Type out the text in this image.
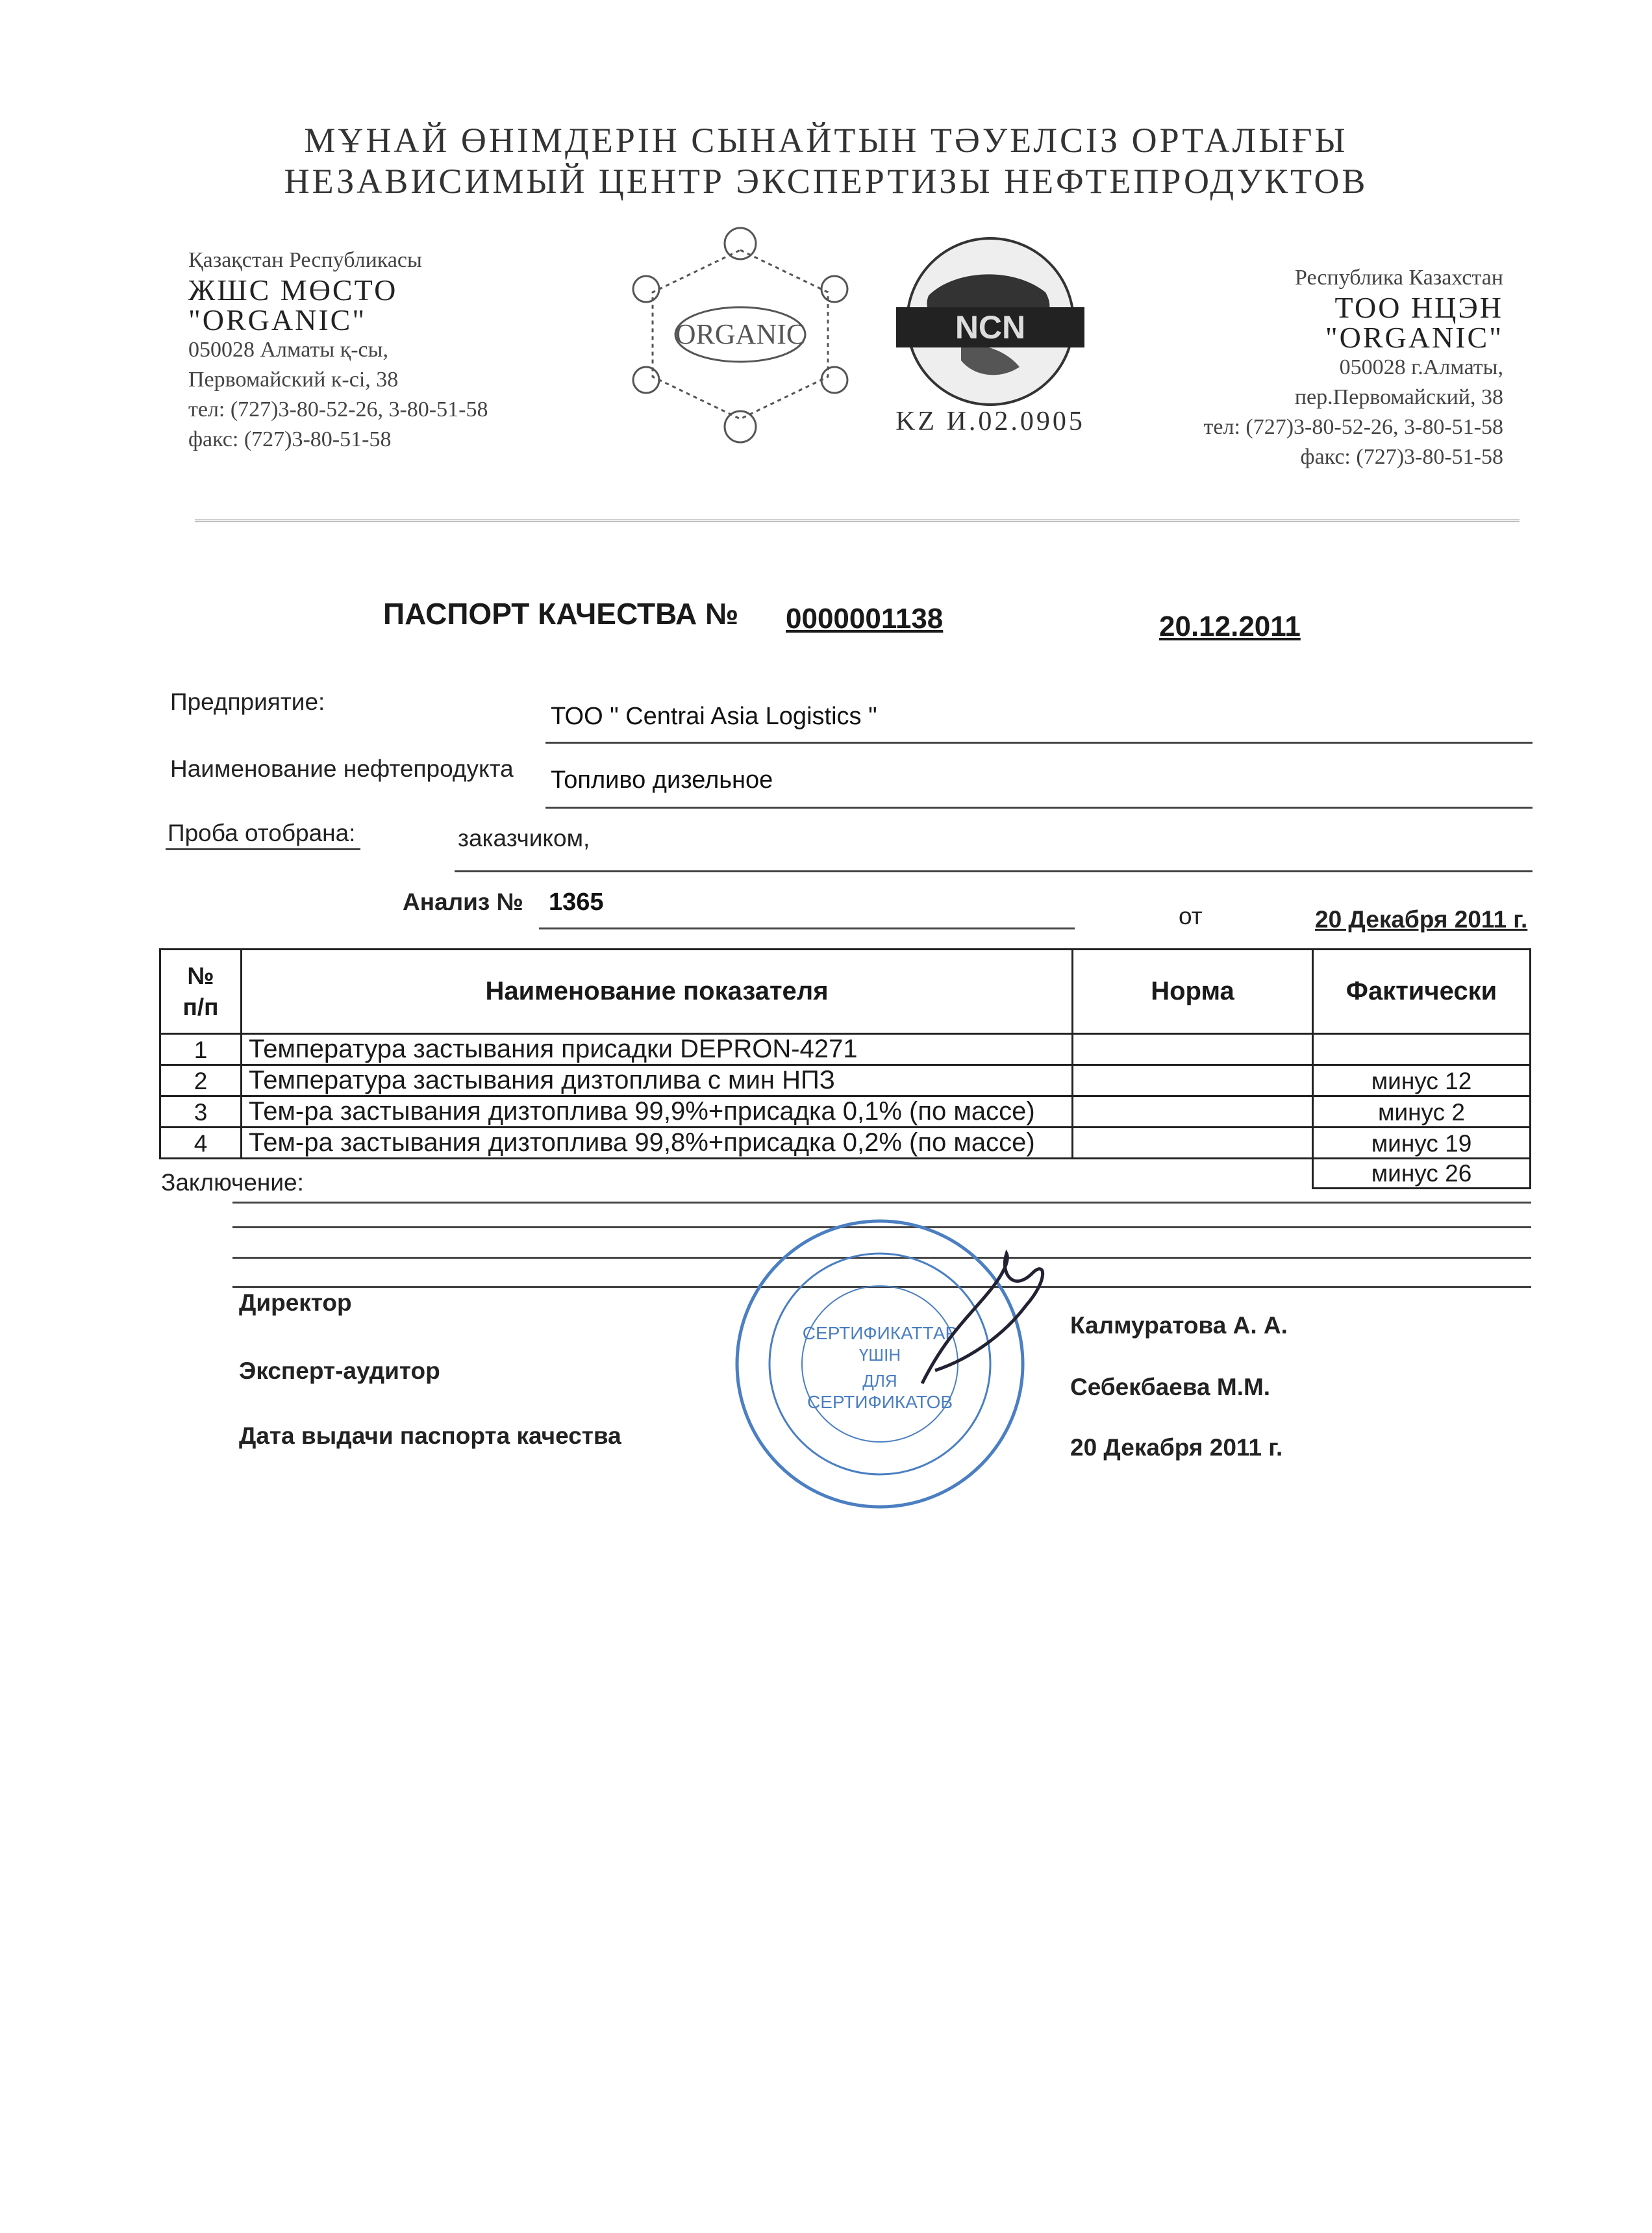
МҰНАЙ ӨНІМДЕРІН СЫНАЙТЫН ТӘУЕЛСІЗ ОРТАЛЫҒЫ
НЕЗАВИСИМЫЙ ЦЕНТР ЭКСПЕРТИЗЫ НЕФТЕПРОДУКТОВ
Қазақстан Республикасы
ЖШС МӨСТО
"ORGANIC"
050028 Алматы қ-сы,
Первомайский к-сі, 38
тел: (727)3-80-52-26, 3-80-51-58
факс: (727)3-80-51-58
ORGANIC	NCN
KZ И.02.0905
Республика Казахстан
ТОО НЦЭН
"ORGANIC"
050028 г.Алматы,
пер.Первомайский, 38
тел: (727)3-80-52-26, 3-80-51-58
факс: (727)3-80-51-58
ПАСПОРТ КАЧЕСТВА № 0000001138	20.12.2011
Предприятие:
ТОО " Centrai Asia Logistics "
Наименование нефтепродукта	Топливо дизельное
Проба отобрана:	заказчиком,
Анализ № 1365
от	20 Декабря 2011 г.
№
п/п	Наименование показателя	Норма	Фактически
1	Температура застывания присадки DEPRON-4271		
2	Температура застывания дизтоплива с мин НПЗ		минус 12
3	Тем-ра застывания дизтоплива 99,9%+присадка 0,1% (по массе)		минус 2
4	Тем-ра застывания дизтоплива 99,8%+присадка 0,2% (по массе)		минус 19
			минус 26
Заключение:
СЕРТИФИКАТТАР
ҮШІН
ДЛЯ
СЕРТИФИКАТОВ
Директор
Калмуратова А. А.
Эксперт-аудитор
Себекбаева М.М.
Дата выдачи паспорта качества	20 Декабря 2011 г.
